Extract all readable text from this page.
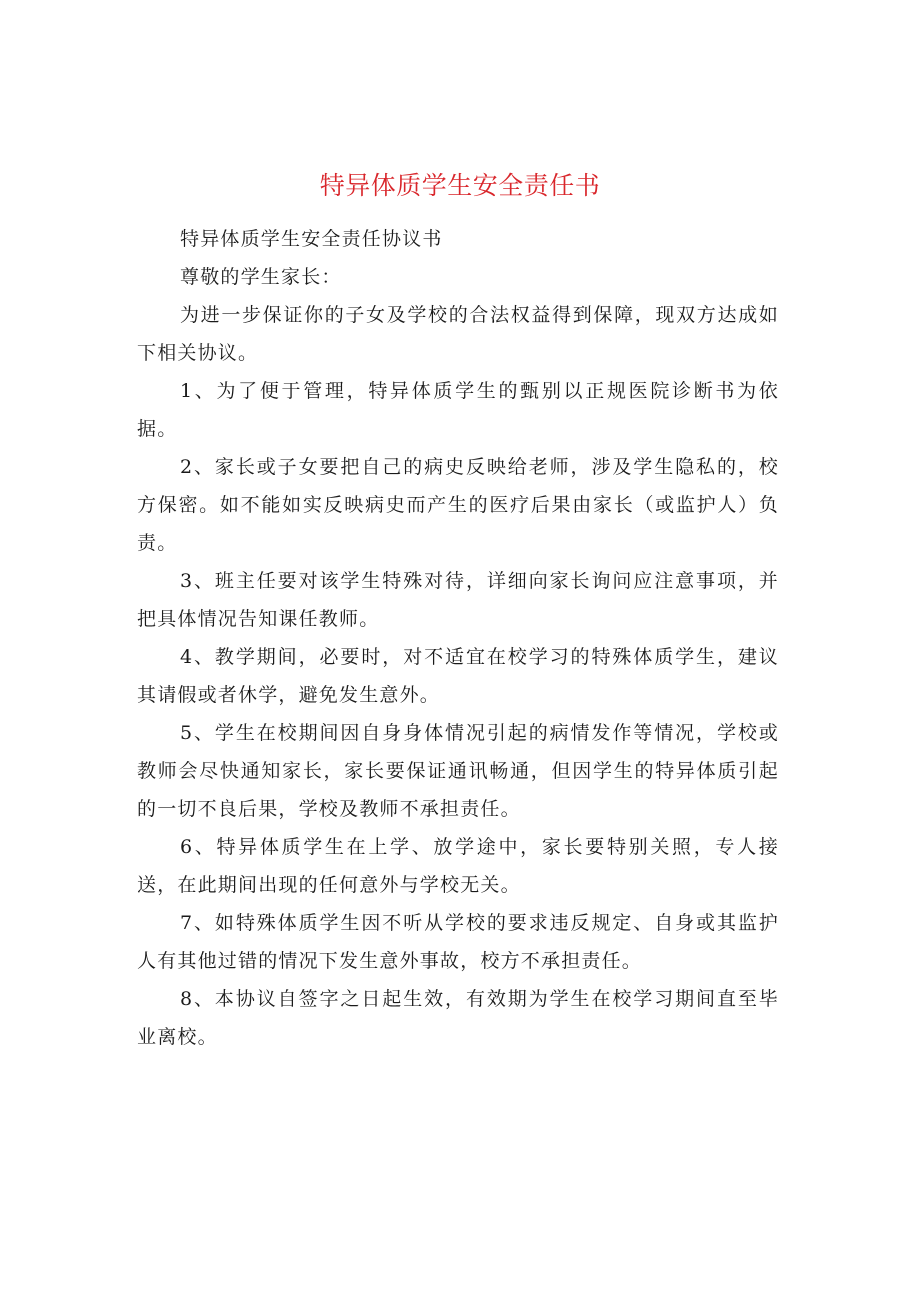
特异体质学生安全责任书

特异体质学生安全责任协议书

尊敬的学生家长：

为进一步保证你的子女及学校的合法权益得到保障，现双方达成如下相关协议。

1、为了便于管理，特异体质学生的甄别以正规医院诊断书为依据。

2、家长或子女要把自己的病史反映给老师，涉及学生隐私的，校方保密。如不能如实反映病史而产生的医疗后果由家长（或监护人）负责。

3、班主任要对该学生特殊对待，详细向家长询问应注意事项，并把具体情况告知课任教师。

4、教学期间，必要时，对不适宜在校学习的特殊体质学生，建议其请假或者休学，避免发生意外。

5、学生在校期间因自身身体情况引起的病情发作等情况，学校或教师会尽快通知家长，家长要保证通讯畅通，但因学生的特异体质引起的一切不良后果，学校及教师不承担责任。

6、特异体质学生在上学、放学途中，家长要特别关照，专人接送，在此期间出现的任何意外与学校无关。

7、如特殊体质学生因不听从学校的要求违反规定、自身或其监护人有其他过错的情况下发生意外事故，校方不承担责任。

8、本协议自签字之日起生效，有效期为学生在校学习期间直至毕业离校。
